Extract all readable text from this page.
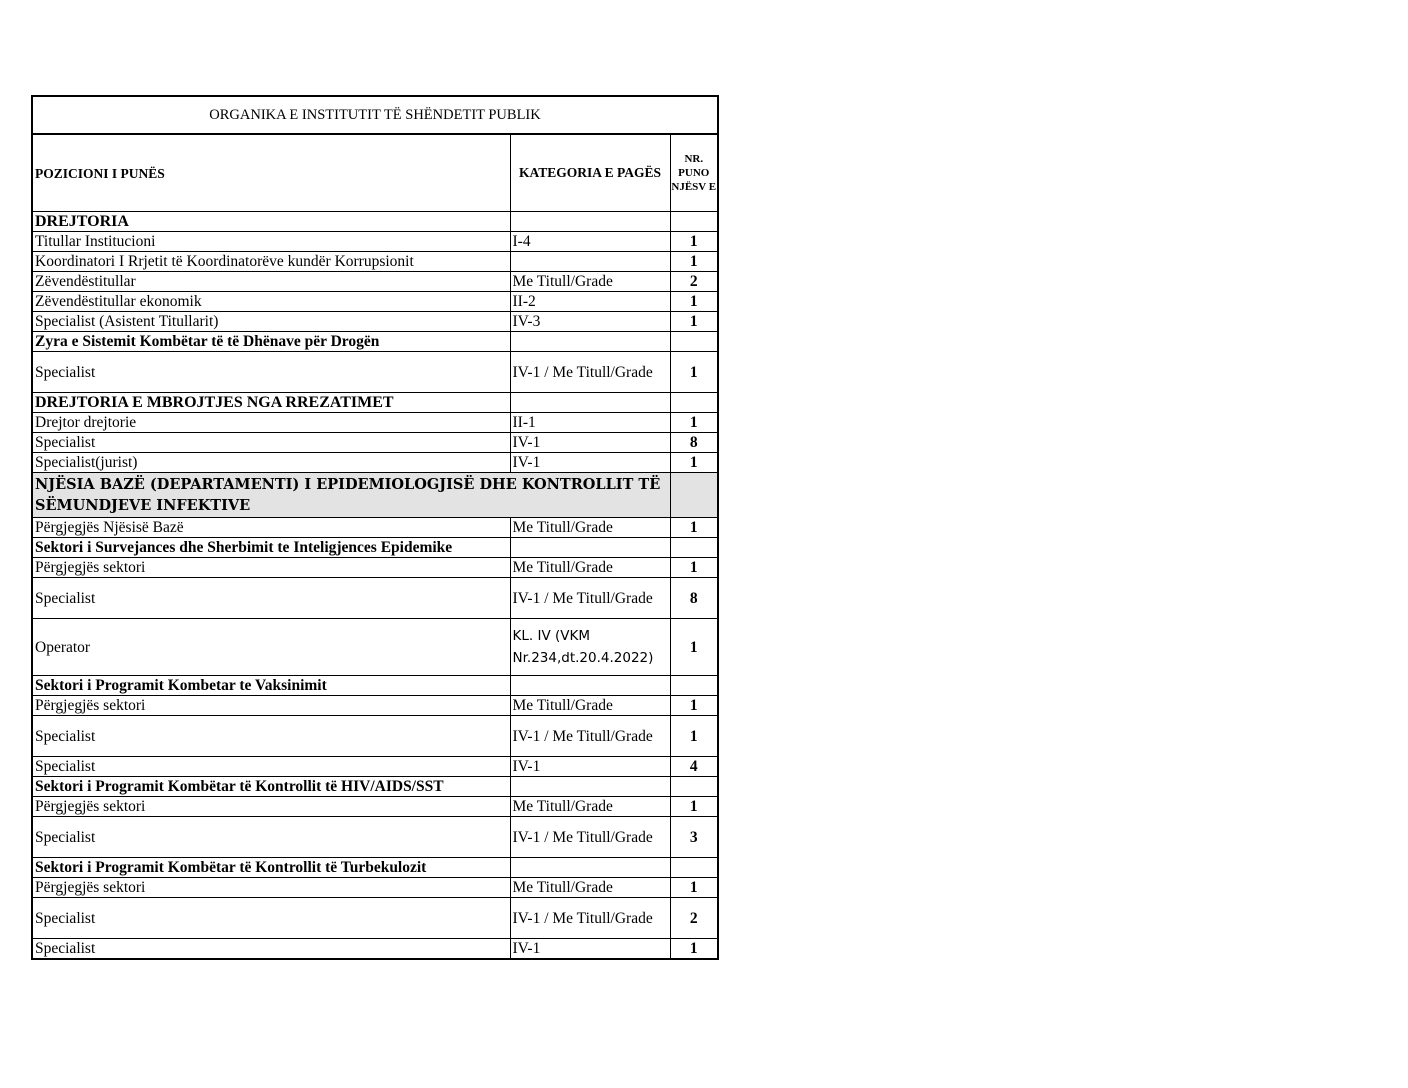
ORGANIKA E INSTITUTIT TË SHËNDETIT PUBLIK		
POZICIONI I PUNËS	KATEGORIA E PAGËS	NR. PUNO NJËSV E
DREJTORIA		
Titullar Institucioni	I-4	1
Koordinatori I Rrjetit të Koordinatorëve kundër Korrupsionit		1
Zëvendëstitullar	Me Titull/Grade	2
Zëvendëstitullar ekonomik	II-2	1
Specialist (Asistent Titullarit)	IV-3	1
Zyra e Sistemit Kombëtar të të Dhënave për Drogën		
Specialist	IV-1 / Me Titull/Grade	1
DREJTORIA E MBROJTJES NGA RREZATIMET		
Drejtor drejtorie	II-1	1
Specialist	IV-1	8
Specialist(jurist)	IV-1	1
NJËSIA BAZË (DEPARTAMENTI) I EPIDEMIOLOGJISË DHE KONTROLLIT TË SËMUNDJEVE INFEKTIVE		
Përgjegjës Njësisë Bazë	Me Titull/Grade	1
Sektori i Survejances dhe Sherbimit te Inteligjences Epidemike		
Përgjegjës sektori	Me Titull/Grade	1
Specialist	IV-1 / Me Titull/Grade	8
Operator	KL. IV (VKM Nr.234,dt.20.4.2022)	1
Sektori i Programit Kombetar te Vaksinimit		
Përgjegjës sektori	Me Titull/Grade	1
Specialist	IV-1 / Me Titull/Grade	1
Specialist	IV-1	4
Sektori i Programit Kombëtar të Kontrollit të HIV/AIDS/SST		
Përgjegjës sektori	Me Titull/Grade	1
Specialist	IV-1 / Me Titull/Grade	3
Sektori i Programit Kombëtar të Kontrollit të Turbekulozit		
Përgjegjës sektori	Me Titull/Grade	1
Specialist	IV-1 / Me Titull/Grade	2
Specialist	IV-1	1
